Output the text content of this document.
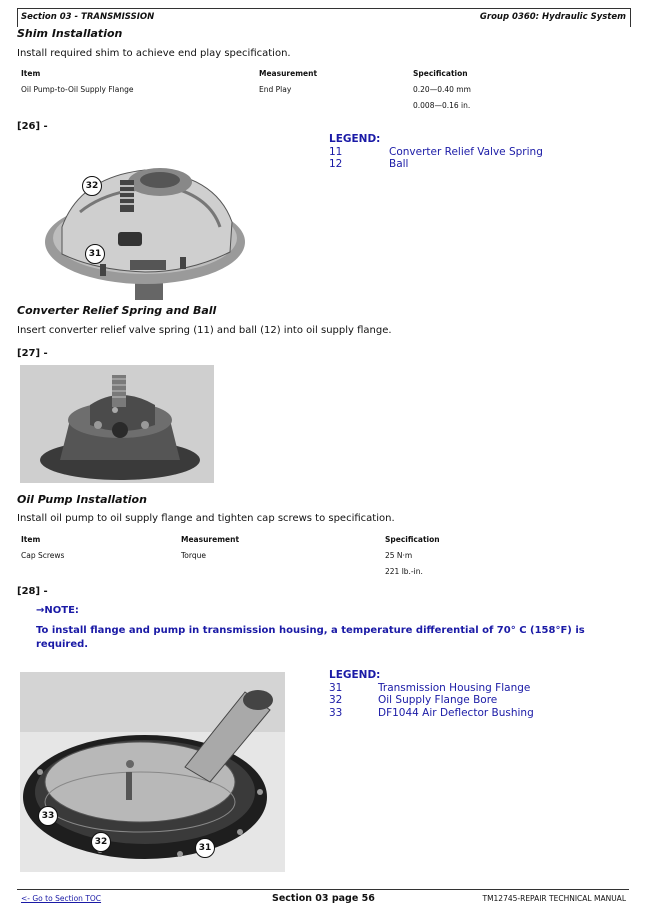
Section 03 - TRANSMISSION	Group 0360: Hydraulic System
Shim Installation
Install required shim to achieve end play specification.
Item	Measurement	Specification
Oil Pump-to-Oil Supply Flange	End Play	0.20—0.40 mm
0.008—0.16 in.
[26] -
32
31
LEGEND:
11	Converter Relief Valve Spring
12	Ball
Converter Relief Spring and Ball
Insert converter relief valve spring (11) and ball (12) into oil supply flange.
[27] -
Oil Pump Installation
Install oil pump to oil supply flange and tighten cap screws to specification.
Item	Measurement	Specification
Cap Screws	Torque	25 N·m
221 lb.-in.
[28] -
→NOTE:
To install flange and pump in transmission housing, a temperature differential of 70° C (158°F) is
required.
33
32
31
LEGEND:
31	Transmission Housing Flange
32	Oil Supply Flange Bore
33	DF1044 Air Deflector Bushing
<- Go to Section TOC	Section 03 page 56	TM12745-REPAIR TECHNICAL MANUAL
